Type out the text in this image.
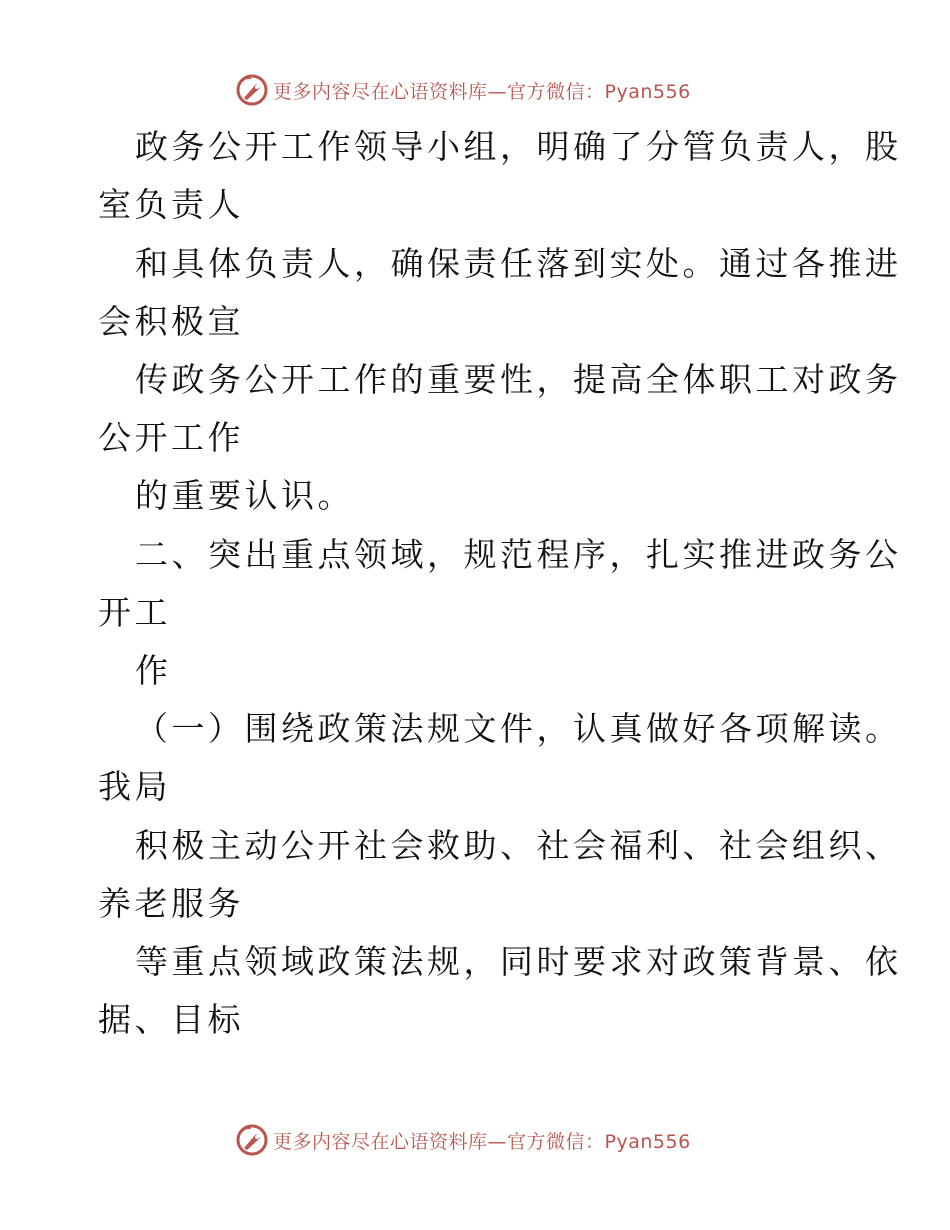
更多内容尽在心语资料库—官方微信：Pyan556
政务公开工作领导小组，明确了分管负责人，股
室负责人
和具体负责人，确保责任落到实处。通过各推进
会积极宣
传政务公开工作的重要性，提高全体职工对政务
公开工作
的重要认识。
二、突出重点领域，规范程序，扎实推进政务公
开工
作
（一）围绕政策法规文件，认真做好各项解读。
我局
积极主动公开社会救助、社会福利、社会组织、
养老服务
等重点领域政策法规，同时要求对政策背景、依
据、目标
更多内容尽在心语资料库—官方微信：Pyan556
